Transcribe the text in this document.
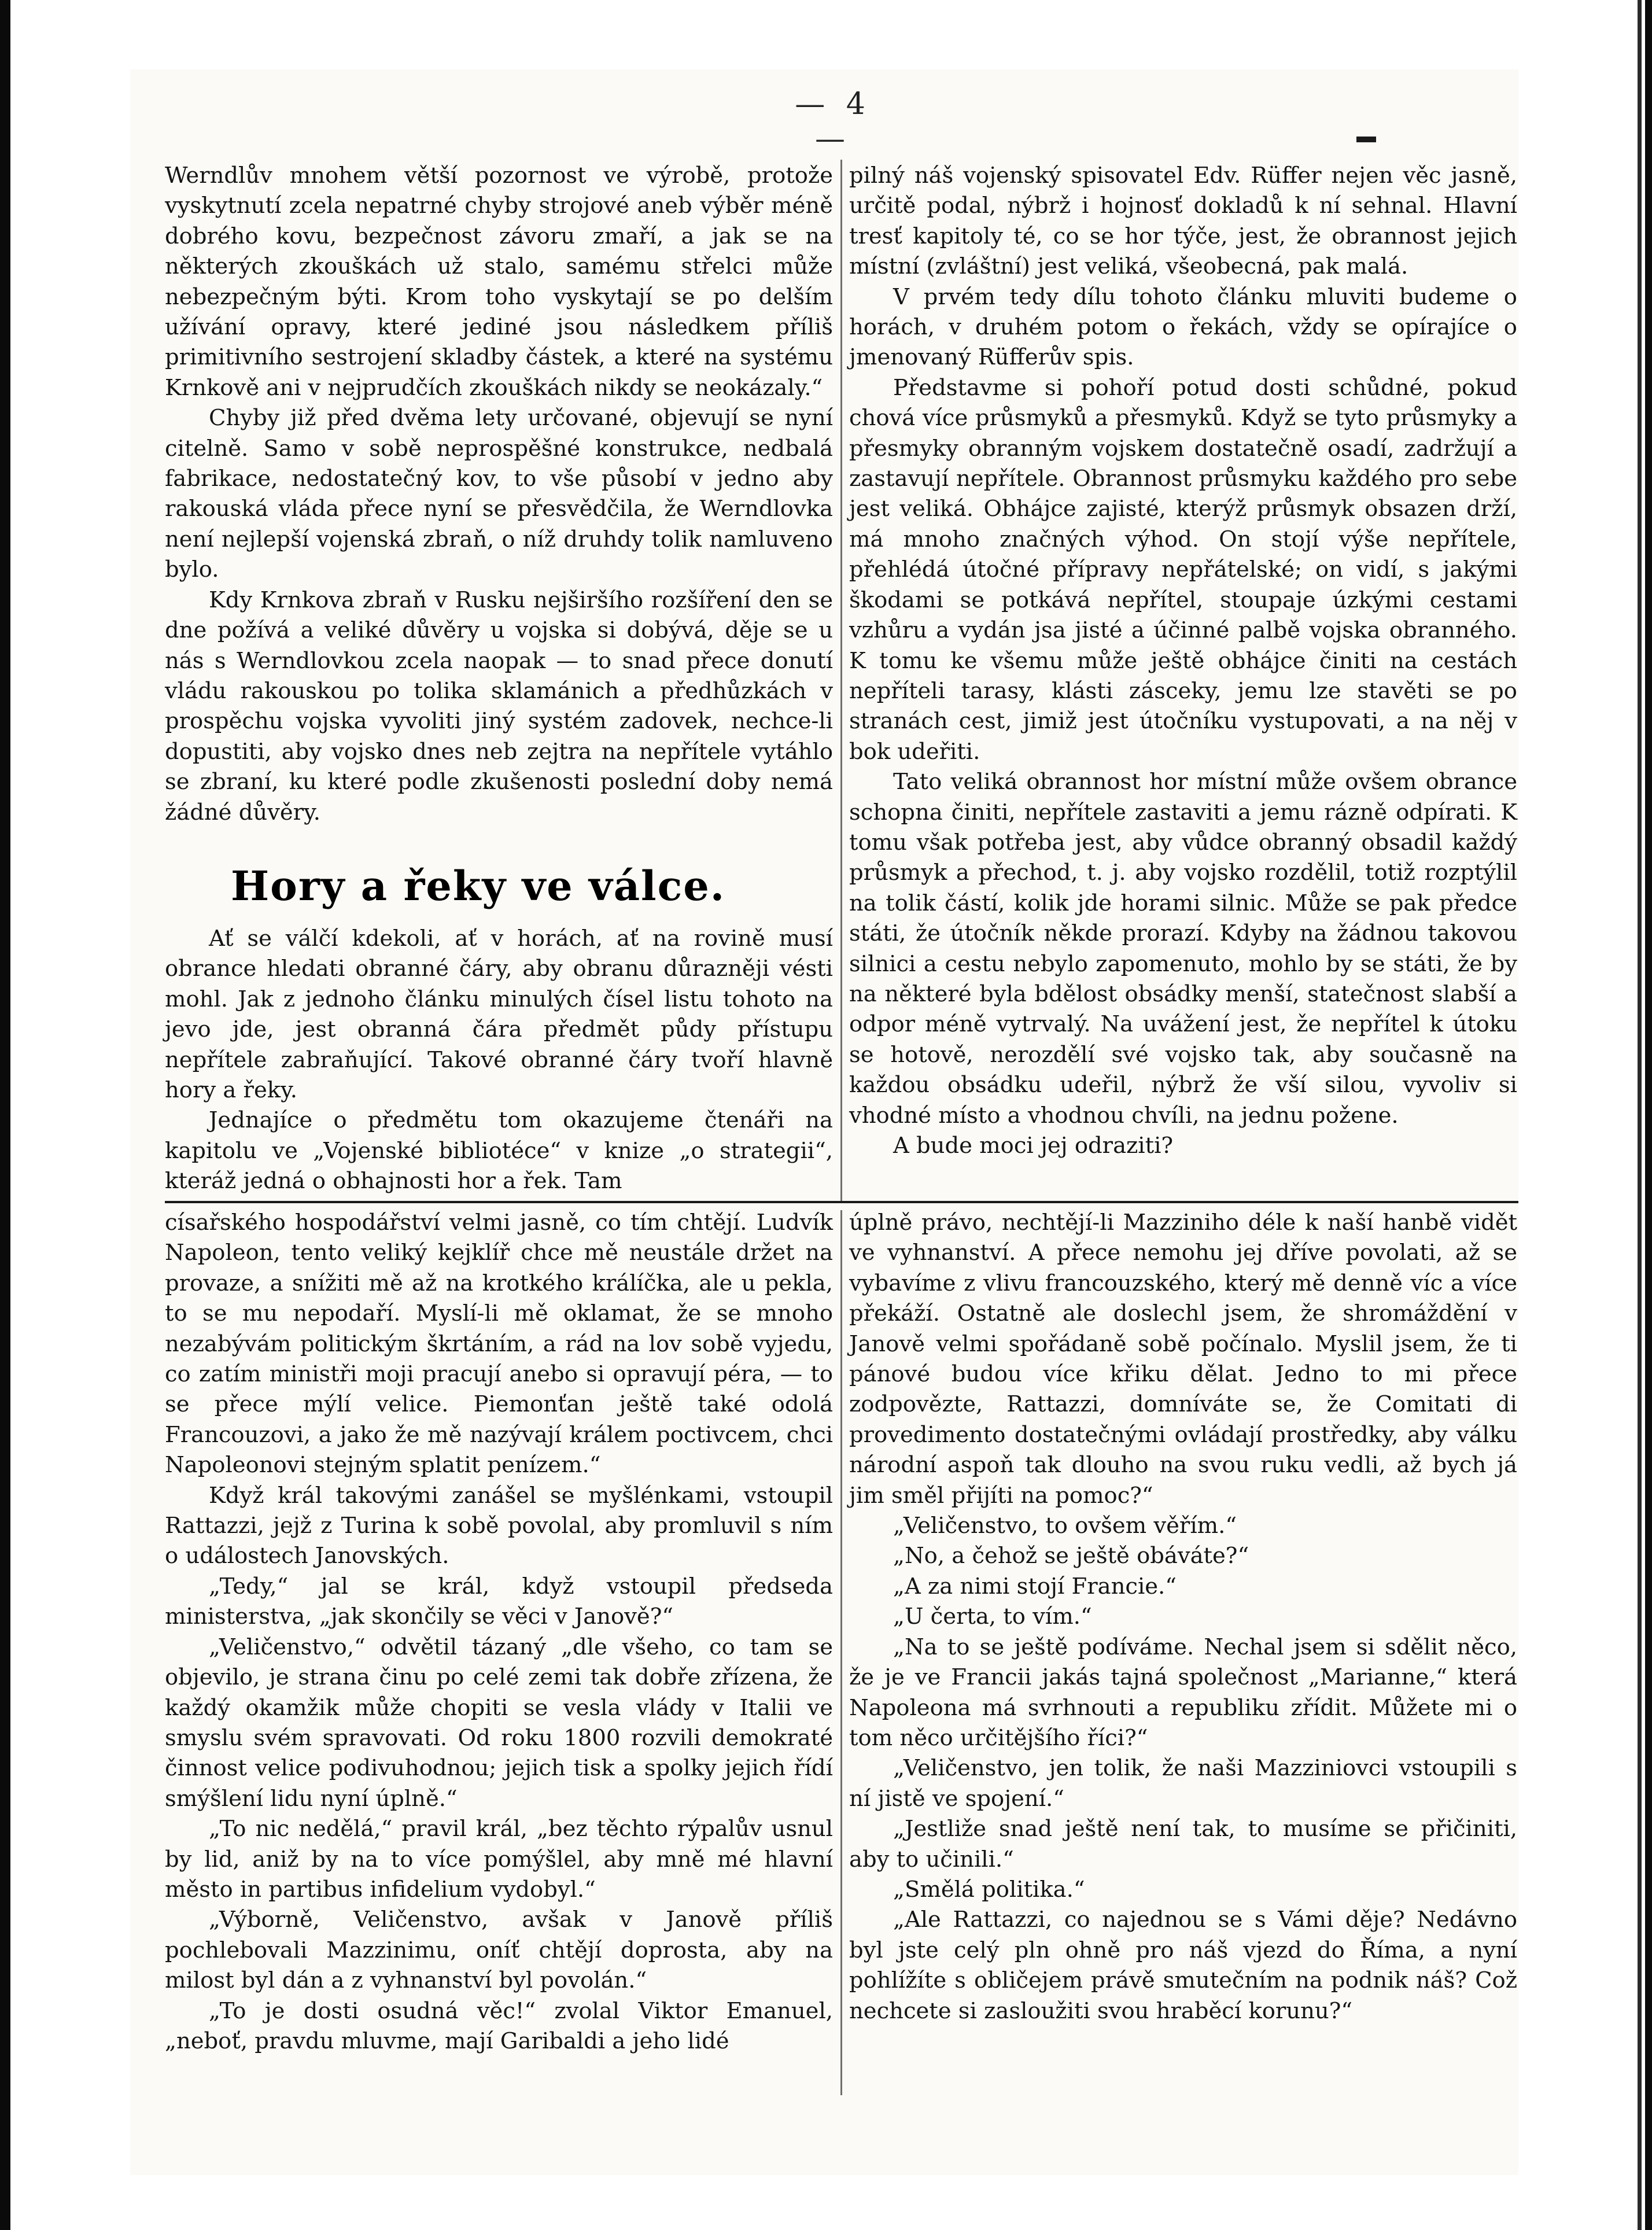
— 4 —

Werndlův mnohem větší pozornost ve výrobě, protože vyskytnutí zcela nepatrné chyby strojové aneb výběr méně dobrého kovu, bezpečnost závoru zmaří, a jak se na některých zkouškách už stalo, samému střelci může nebezpečným býti. Krom toho vyskytají se po delším užívání opravy, které jediné jsou následkem příliš primitivního sestrojení skladby částek, a které na systému Krnkově ani v nejprudčích zkouškách nikdy se neokázaly.“

Chyby již před dvěma lety určované, objevují se nyní citelně. Samo v sobě neprospěšné konstrukce, nedbalá fabrikace, nedostatečný kov, to vše působí v jedno aby rakouská vláda přece nyní se přesvědčila, že Werndlovka není nejlepší vojenská zbraň, o níž druhdy tolik namluveno bylo.

Kdy Krnkova zbraň v Rusku nejširšího rozšíření den se dne požívá a veliké důvěry u vojska si dobývá, děje se u nás s Werndlovkou zcela naopak — to snad přece donutí vládu rakouskou po tolika sklamánich a předhůzkách v prospěchu vojska vyvoliti jiný systém zadovek, nechce-li dopustiti, aby vojsko dnes neb zejtra na nepřítele vytáhlo se zbraní, ku které podle zkušenosti poslední doby nemá žádné důvěry.

Hory a řeky ve válce.

Ať se válčí kdekoli, ať v horách, ať na rovině musí obrance hledati obranné čáry, aby obranu důrazněji vésti mohl. Jak z jednoho článku minulých čísel listu tohoto na jevo jde, jest obranná čára předmět půdy přístupu nepřítele zabraňující. Takové obranné čáry tvoří hlavně hory a řeky.

Jednajíce o předmětu tom okazujeme čtenáři na kapitolu ve „Vojenské bibliotéce“ v knize „o strategii“, kteráž jedná o obhajnosti hor a řek. Tam

pilný náš vojenský spisovatel Edv. Rüffer nejen věc jasně, určitě podal, nýbrž i hojnosť dokladů k ní sehnal. Hlavní tresť kapitoly té, co se hor týče, jest, že obrannost jejich místní (zvláštní) jest veliká, všeobecná, pak malá.

V prvém tedy dílu tohoto článku mluviti budeme o horách, v druhém potom o řekách, vždy se opírajíce o jmenovaný Rüfferův spis.

Představme si pohoří potud dosti schůdné, pokud chová více průsmyků a přesmyků. Když se tyto průsmyky a přesmyky obranným vojskem dostatečně osadí, zadržují a zastavují nepřítele. Obrannost průsmyku každého pro sebe jest veliká. Obhájce zajisté, kterýž průsmyk obsazen drží, má mnoho značných výhod. On stojí výše nepřítele, přehlédá útočné přípravy nepřátelské; on vidí, s jakými škodami se potkává nepřítel, stoupaje úzkými cestami vzhůru a vydán jsa jisté a účinné palbě vojska obranného. K tomu ke všemu může ještě obhájce činiti na cestách nepříteli tarasy, klásti zásceky, jemu lze stavěti se po stranách cest, jimiž jest útočníku vystupovati, a na něj v bok udeřiti.

Tato veliká obrannost hor místní může ovšem obrance schopna činiti, nepřítele zastaviti a jemu rázně odpírati. K tomu však potřeba jest, aby vůdce obranný obsadil každý průsmyk a přechod, t. j. aby vojsko rozdělil, totiž rozptýlil na tolik částí, kolik jde horami silnic. Může se pak předce státi, že útočník někde prorazí. Kdyby na žádnou takovou silnici a cestu nebylo zapomenuto, mohlo by se státi, že by na některé byla bdělost obsádky menší, statečnost slabší a odpor méně vytrvalý. Na uvážení jest, že nepřítel k útoku se hotově, nerozdělí své vojsko tak, aby současně na každou obsádku udeřil, nýbrž že vší silou, vyvoliv si vhodné místo a vhodnou chvíli, na jednu požene.

A bude moci jej odraziti?

císařského hospodářství velmi jasně, co tím chtějí. Ludvík Napoleon, tento veliký kejklíř chce mě neustále držet na provaze, a snížiti mě až na krotkého králíčka, ale u pekla, to se mu nepodaří. Myslí-li mě oklamat, že se mnoho nezabývám politickým škrtáním, a rád na lov sobě vyjedu, co zatím ministři moji pracují anebo si opravují péra, — to se přece mýlí velice. Piemonťan ještě také odolá Francouzovi, a jako že mě nazývají králem poctivcem, chci Napoleonovi stejným splatit penízem.“

Když král takovými zanášel se myšlénkami, vstoupil Rattazzi, jejž z Turina k sobě povolal, aby promluvil s ním o událostech Janovských.

„Tedy,“ jal se král, když vstoupil předseda ministerstva, „jak skončily se věci v Janově?“

„Veličenstvo,“ odvětil tázaný „dle všeho, co tam se objevilo, je strana činu po celé zemi tak dobře zřízena, že každý okamžik může chopiti se vesla vlády v Italii ve smyslu svém spravovati. Od roku 1800 rozvili demokraté činnost velice podivuhodnou; jejich tisk a spolky jejich řídí smýšlení lidu nyní úplně.“

„To nic nedělá,“ pravil král, „bez těchto rýpalův usnul by lid, aniž by na to více pomýšlel, aby mně mé hlavní město in partibus infidelium vydobyl.“

„Výborně, Veličenstvo, avšak v Janově příliš pochlebovali Mazzinimu, oníť chtějí doprosta, aby na milost byl dán a z vyhnanství byl povolán.“

„To je dosti osudná věc!“ zvolal Viktor Emanuel, „neboť, pravdu mluvme, mají Garibaldi a jeho lidé

úplně právo, nechtějí-li Mazziniho déle k naší hanbě vidět ve vyhnanství. A přece nemohu jej dříve povolati, až se vybavíme z vlivu francouzského, který mě denně víc a více překáží. Ostatně ale doslechl jsem, že shromáždění v Janově velmi spořádaně sobě počínalo. Myslil jsem, že ti pánové budou více křiku dělat. Jedno to mi přece zodpovězte, Rattazzi, domníváte se, že Comitati di provedimento dostatečnými ovládají prostředky, aby válku národní aspoň tak dlouho na svou ruku vedli, až bych já jim směl přijíti na pomoc?“

„Veličenstvo, to ovšem věřím.“

„No, a čehož se ještě obáváte?“

„A za nimi stojí Francie.“

„U čerta, to vím.“

„Na to se ještě podíváme. Nechal jsem si sdělit něco, že je ve Francii jakás tajná společnost „Marianne,“ která Napoleona má svrhnouti a republiku zřídit. Můžete mi o tom něco určitějšího říci?“

„Veličenstvo, jen tolik, že naši Mazziniovci vstoupili s ní jistě ve spojení.“

„Jestliže snad ještě není tak, to musíme se přičiniti, aby to učinili.“

„Smělá politika.“

„Ale Rattazzi, co najednou se s Vámi děje? Nedávno byl jste celý pln ohně pro náš vjezd do Říma, a nyní pohlížíte s obličejem právě smutečním na podnik náš? Což nechcete si zasloužiti svou hraběcí korunu?“
